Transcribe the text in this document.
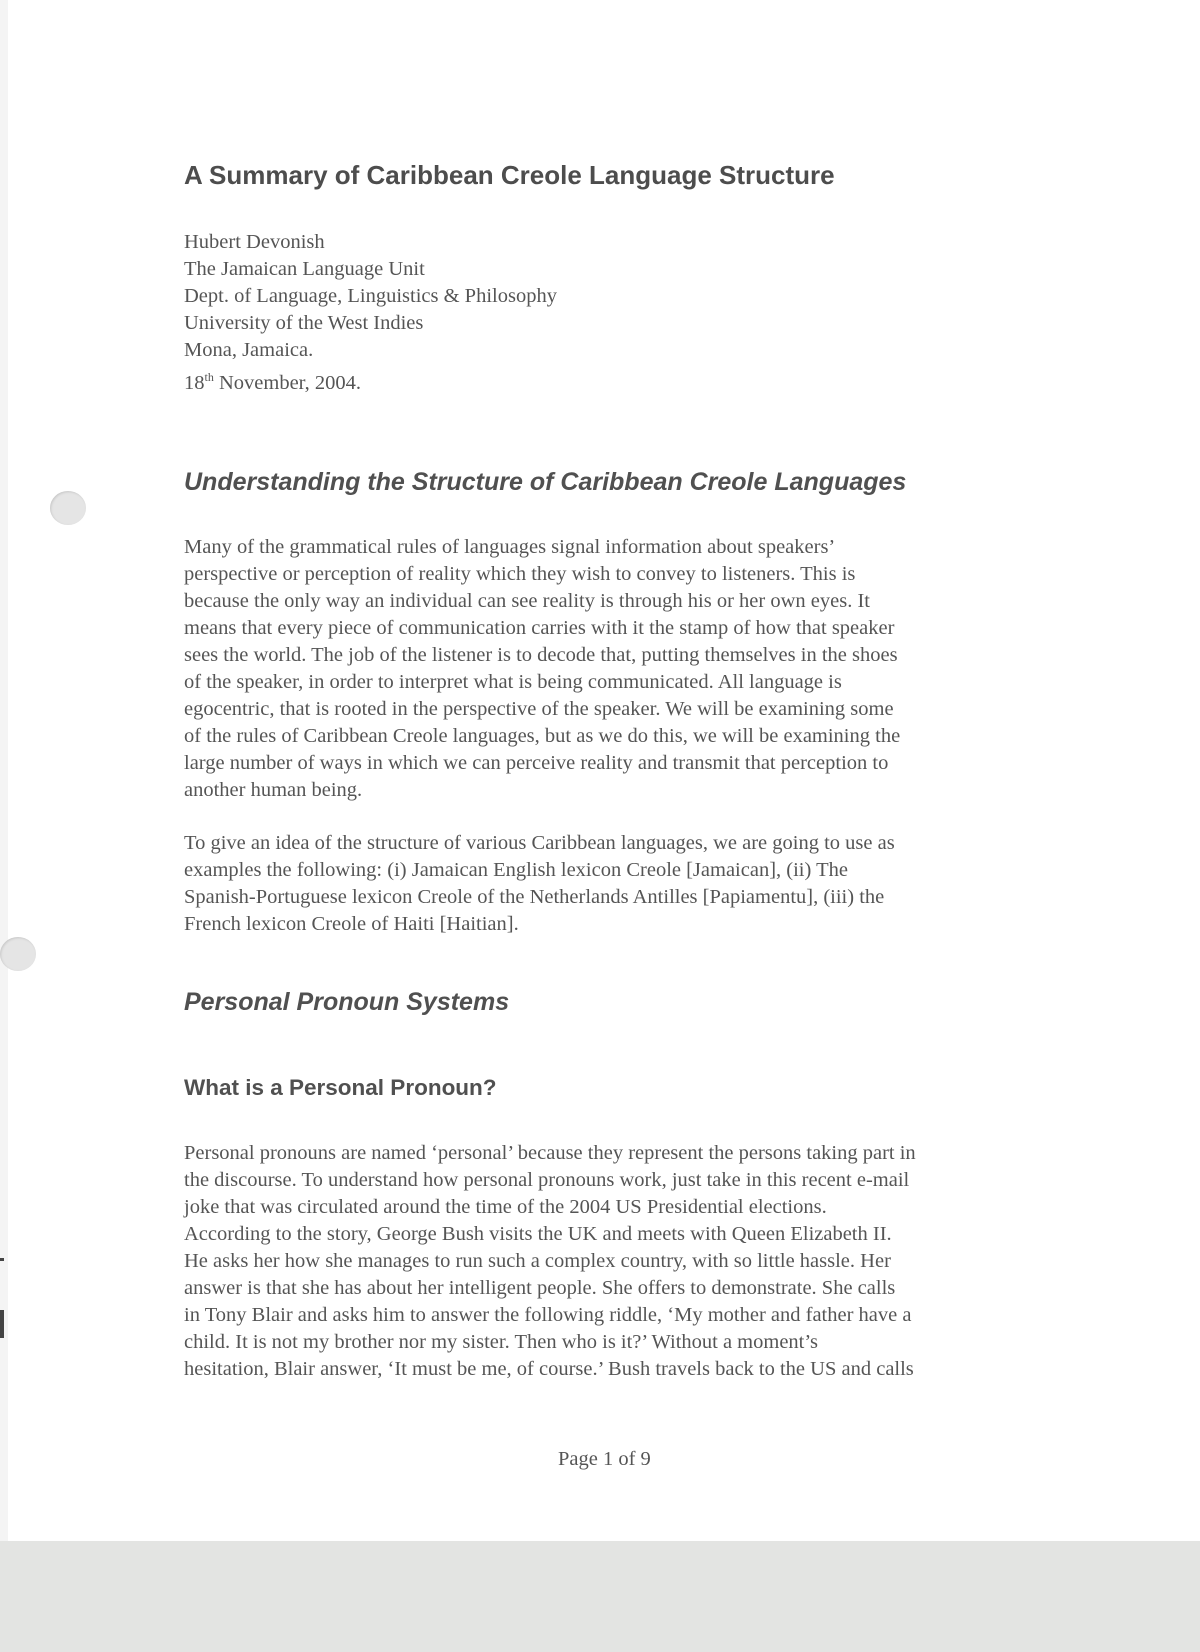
A Summary of Caribbean Creole Language Structure
Hubert Devonish
The Jamaican Language Unit
Dept. of Language, Linguistics & Philosophy
University of the West Indies
Mona, Jamaica.
18th November, 2004.
Understanding the Structure of Caribbean Creole Languages
Many of the grammatical rules of languages signal information about speakers’
perspective or perception of reality which they wish to convey to listeners. This is
because the only way an individual can see reality is through his or her own eyes. It
means that every piece of communication carries with it the stamp of how that speaker
sees the world. The job of the listener is to decode that, putting themselves in the shoes
of the speaker, in order to interpret what is being communicated. All language is
egocentric, that is rooted in the perspective of the speaker. We will be examining some
of the rules of Caribbean Creole languages, but as we do this, we will be examining the
large number of ways in which we can perceive reality and transmit that perception to
another human being.
To give an idea of the structure of various Caribbean languages, we are going to use as
examples the following: (i) Jamaican English lexicon Creole [Jamaican], (ii) The
Spanish-Portuguese lexicon Creole of the Netherlands Antilles [Papiamentu], (iii) the
French lexicon Creole of Haiti [Haitian].
Personal Pronoun Systems
What is a Personal Pronoun?
Personal pronouns are named ‘personal’ because they represent the persons taking part in
the discourse. To understand how personal pronouns work, just take in this recent e-mail
joke that was circulated around the time of the 2004 US Presidential elections.
According to the story, George Bush visits the UK and meets with Queen Elizabeth II.
He asks her how she manages to run such a complex country, with so little hassle. Her
answer is that she has about her intelligent people. She offers to demonstrate. She calls
in Tony Blair and asks him to answer the following riddle, ‘My mother and father have a
child. It is not my brother nor my sister. Then who is it?’ Without a moment’s
hesitation, Blair answer, ‘It must be me, of course.’ Bush travels back to the US and calls
Page 1 of 9
